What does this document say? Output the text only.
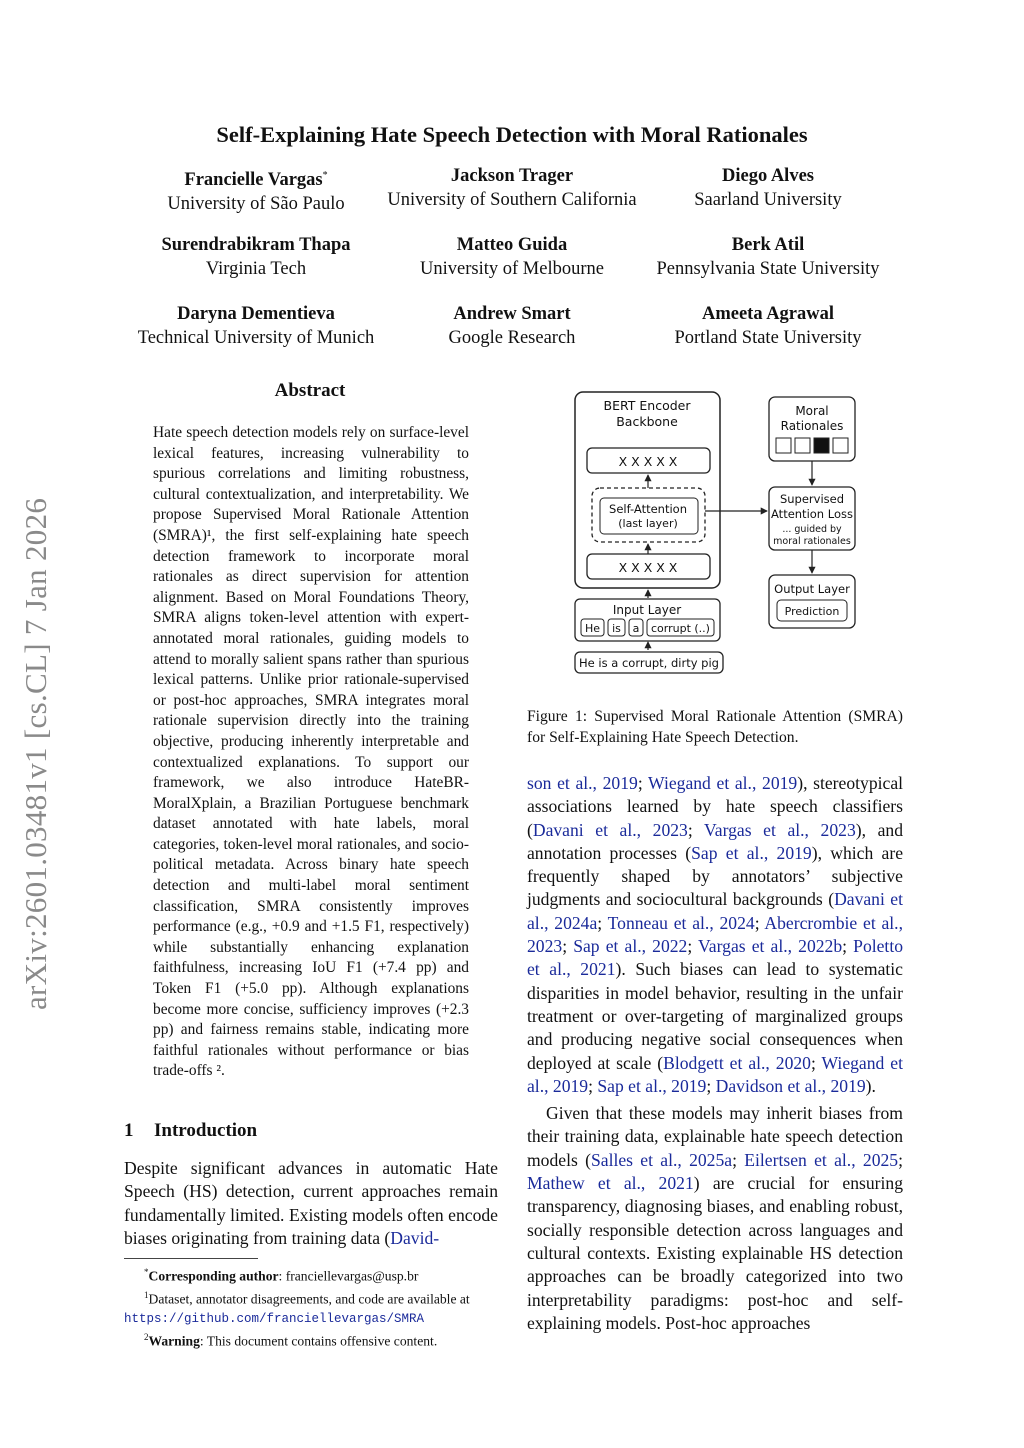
arXiv:2601.03481v1 [cs.CL] 7 Jan 2026
Self-Explaining Hate Speech Detection with Moral Rationales
Francielle Vargas*
University of São Paulo
Jackson Trager
University of Southern California
Diego Alves
Saarland University
Surendrabikram Thapa
Virginia Tech
Matteo Guida
University of Melbourne
Berk Atil
Pennsylvania State University
Daryna Dementieva
Technical University of Munich
Andrew Smart
Google Research
Ameeta Agrawal
Portland State University
Abstract
Hate speech detection models rely on surface-level lexical features, increasing vulnerability to spurious correlations and limiting robustness, cultural contextualization, and interpretability. We propose Supervised Moral Rationale Attention (SMRA)¹, the first self-explaining hate speech detection framework to incorporate moral rationales as direct supervision for attention alignment. Based on Moral Foundations Theory, SMRA aligns token-level attention with expert-annotated moral rationales, guiding models to attend to morally salient spans rather than spurious lexical patterns. Unlike prior rationale-supervised or post-hoc approaches, SMRA integrates moral rationale supervision directly into the training objective, producing inherently interpretable and contextualized explanations. To support our framework, we also introduce HateBR-MoralXplain, a Brazilian Portuguese benchmark dataset annotated with hate labels, moral categories, token-level moral rationales, and socio-political metadata. Across binary hate speech detection and multi-label moral sentiment classification, SMRA consistently improves performance (e.g., +0.9 and +1.5 F1, respectively) while substantially enhancing explanation faithfulness, increasing IoU F1 (+7.4 pp) and Token F1 (+5.0 pp). Although explanations become more concise, sufficiency improves (+2.3 pp) and fairness remains stable, indicating more faithful rationales without performance or bias trade-offs ².
1 Introduction
Despite significant advances in automatic Hate Speech (HS) detection, current approaches remain fundamentally limited. Existing models often encode biases originating from training data (David-
*Corresponding author: franciellevargas@usp.br
$^1$Dataset, annotator disagreements, and code are available at https://github.com/franciellevargas/SMRA
$^2$Warning: This document contains offensive content.
BERT Encoder
Backbone
X X X X X
Self-Attention
(last layer)
X X X X X
Input Layer
He is a corrupt (..)
He is a corrupt, dirty pig
Moral
Rationales
Supervised
Attention Loss
... guided by
moral rationales
Output Layer
Prediction
Figure 1: Supervised Moral Rationale Attention (SMRA) for Self-Explaining Hate Speech Detection.

son et al., 2019; Wiegand et al., 2019), stereotypical associations learned by hate speech classifiers (Davani et al., 2023; Vargas et al., 2023), and annotation processes (Sap et al., 2019), which are frequently shaped by annotators’ subjective judgments and sociocultural backgrounds (Davani et al., 2024a; Tonneau et al., 2024; Abercrombie et al., 2023; Sap et al., 2022; Vargas et al., 2022b; Poletto et al., 2021). Such biases can lead to systematic disparities in model behavior, resulting in the unfair treatment or over-targeting of marginalized groups and producing negative social consequences when deployed at scale (Blodgett et al., 2020; Wiegand et al., 2019; Sap et al., 2019; Davidson et al., 2019).

Given that these models may inherit biases from their training data, explainable hate speech detection models (Salles et al., 2025a; Eilertsen et al., 2025; Mathew et al., 2021) are crucial for ensuring transparency, diagnosing biases, and enabling robust, socially responsible detection across languages and cultural contexts. Existing explainable HS detection approaches can be broadly categorized into two interpretability paradigms: post-hoc and self-explaining models. Post-hoc approaches
